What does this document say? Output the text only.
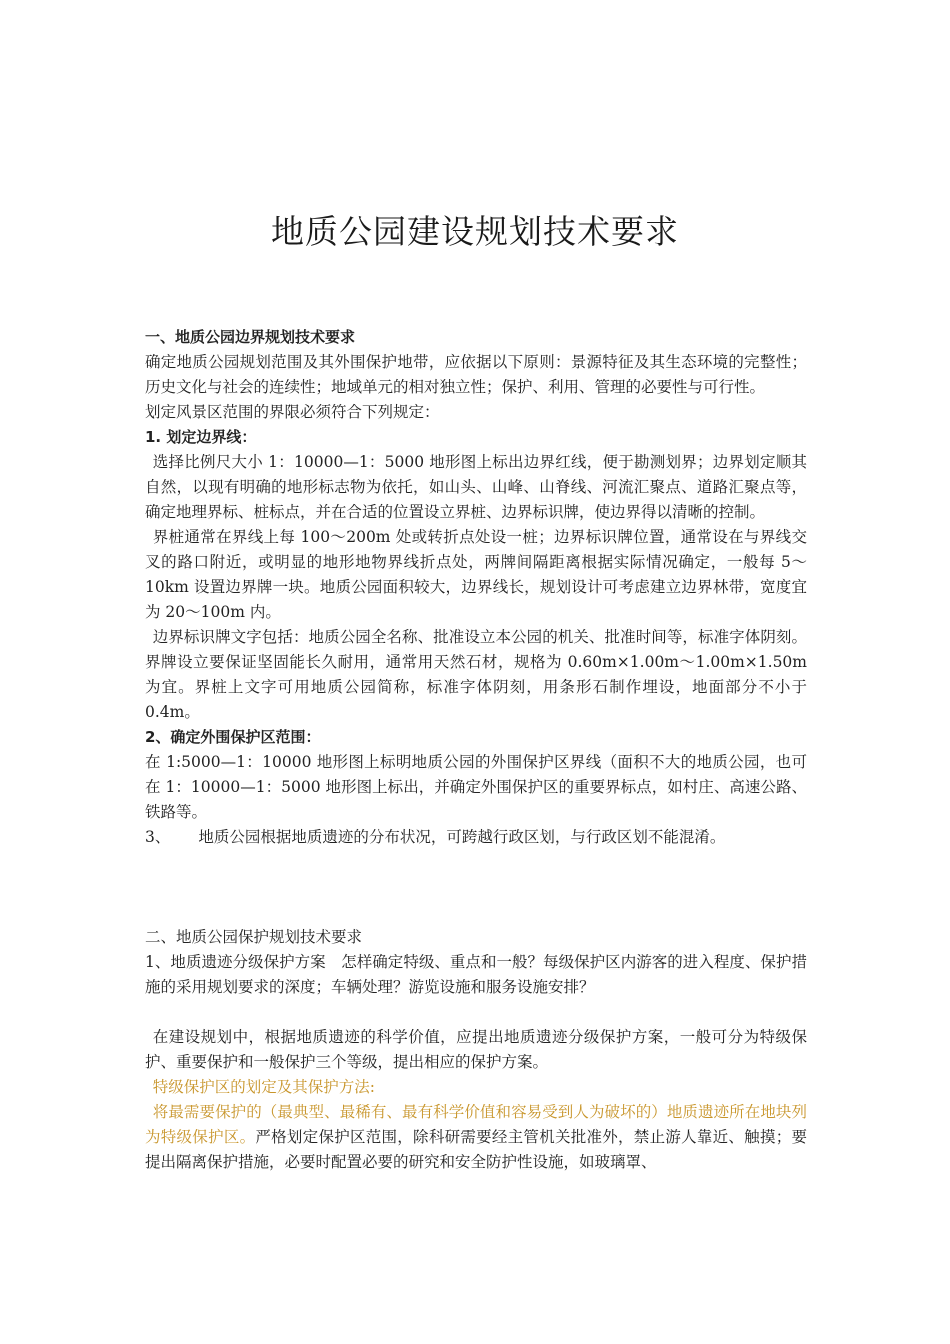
地质公园建设规划技术要求

一、地质公园边界规划技术要求

确定地质公园规划范围及其外围保护地带，应依据以下原则：景源特征及其生态环境的完整性；历史文化与社会的连续性；地域单元的相对独立性；保护、利用、管理的必要性与可行性。

划定风景区范围的界限必须符合下列规定：

1. 划定边界线：

选择比例尺大小 1：10000—1：5000 地形图上标出边界红线，便于勘测划界；边界划定顺其自然，以现有明确的地形标志物为依托，如山头、山峰、山脊线、河流汇聚点、道路汇聚点等，确定地理界标、桩标点，并在合适的位置设立界桩、边界标识牌，使边界得以清晰的控制。

界桩通常在界线上每 100～200m 处或转折点处设一桩；边界标识牌位置，通常设在与界线交叉的路口附近，或明显的地形地物界线折点处，两牌间隔距离根据实际情况确定，一般每 5～10km 设置边界牌一块。地质公园面积较大，边界线长，规划设计可考虑建立边界林带，宽度宜为 20～100m 内。

边界标识牌文字包括：地质公园全名称、批准设立本公园的机关、批准时间等，标准字体阴刻。界牌设立要保证坚固能长久耐用，通常用天然石材，规格为 0.60m×1.00m～1.00m×1.50m 为宜。界桩上文字可用地质公园简称，标准字体阴刻，用条形石制作埋设，地面部分不小于 0.4m。

2、确定外围保护区范围：

在 1:5000—1：10000 地形图上标明地质公园的外围保护区界线（面积不大的地质公园，也可在 1：10000—1：5000 地形图上标出，并确定外围保护区的重要界标点，如村庄、高速公路、铁路等。

3、 地质公园根据地质遗迹的分布状况，可跨越行政区划，与行政区划不能混淆。

二、地质公园保护规划技术要求

1、地质遗迹分级保护方案　怎样确定特级、重点和一般？每级保护区内游客的进入程度、保护措施的采用规划要求的深度；车辆处理？游览设施和服务设施安排？

在建设规划中，根据地质遗迹的科学价值，应提出地质遗迹分级保护方案，一般可分为特级保护、重要保护和一般保护三个等级，提出相应的保护方案。

特级保护区的划定及其保护方法:

将最需要保护的（最典型、最稀有、最有科学价值和容易受到人为破坏的）地质遗迹所在地块列为特级保护区。严格划定保护区范围，除科研需要经主管机关批准外，禁止游人靠近、触摸；要提出隔离保护措施，必要时配置必要的研究和安全防护性设施，如玻璃罩、
